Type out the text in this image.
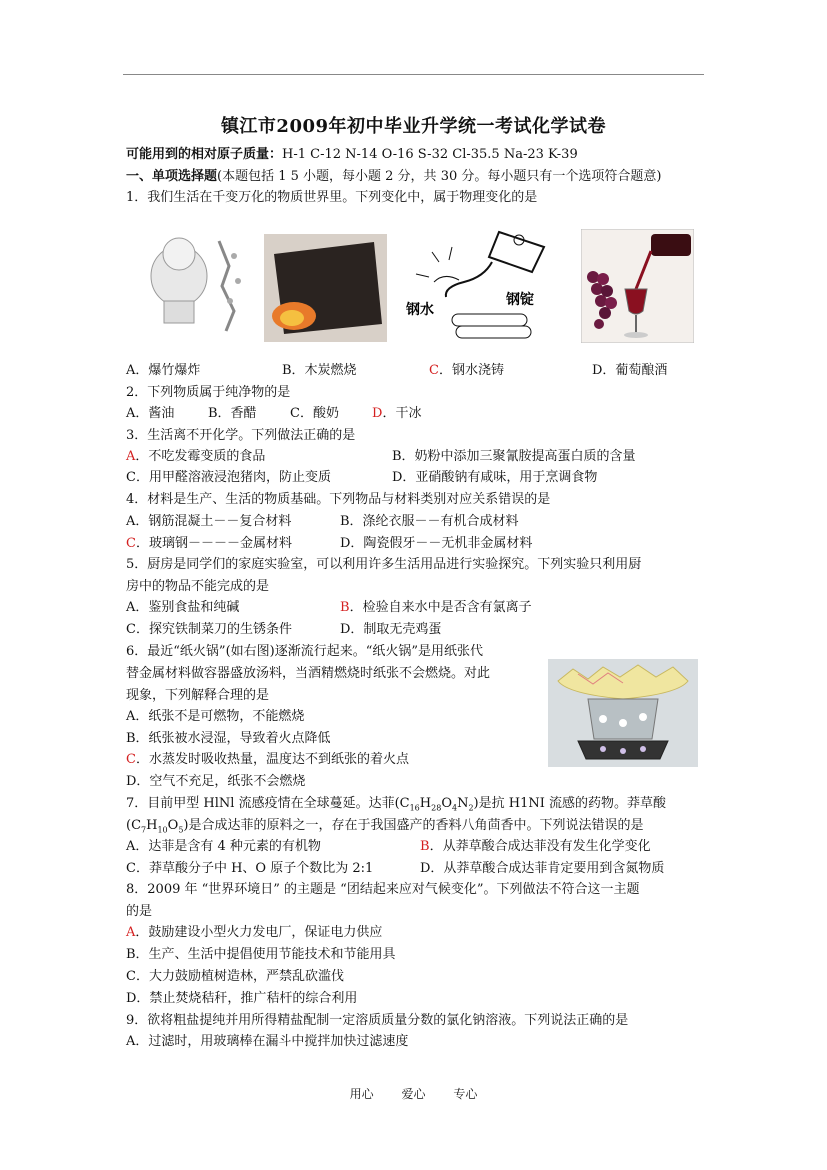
镇江市2009年初中毕业升学统一考试化学试卷
可能用到的相对原子质量：H-1 C-12 N-14 O-16 S-32 Cl-35.5 Na-23 K-39
一、单项选择题(本题包括 1 5 小题，每小题 2 分，共 30 分。每小题只有一个选项符合题意)
1．我们生活在千变万化的物质世界里。下列变化中，属于物理变化的是
钢水
钢锭
A．爆竹爆炸	B．木炭燃烧	C．钢水浇铸	D．葡萄酿酒
2．下列物质属于纯净物的是
A．酱油	B．香醋	C．酸奶	D．干冰
3．生活离不开化学。下列做法正确的是
A．不吃发霉变质的食品	B．奶粉中添加三聚氰胺提高蛋白质的含量
C．用甲醛溶液浸泡猪肉，防止变质	D．亚硝酸钠有咸味，用于烹调食物
4．材料是生产、生活的物质基础。下列物品与材料类别对应关系错误的是
A．钢筋混凝土－－复合材料	B．涤纶衣服－－有机合成材料
C．玻璃钢－－－－金属材料	D．陶瓷假牙－－无机非金属材料
5．厨房是同学们的家庭实验室，可以利用许多生活用品进行实验探究。下列实验只利用厨
房中的物品不能完成的是
A．鉴别食盐和纯碱	B．检验自来水中是否含有氯离子
C．探究铁制菜刀的生锈条件	D．制取无壳鸡蛋
6．最近“纸火锅”(如右图)逐渐流行起来。“纸火锅”是用纸张代
替金属材料做容器盛放汤料，当酒精燃烧时纸张不会燃烧。对此
现象，下列解释合理的是
A．纸张不是可燃物，不能燃烧
B．纸张被水浸湿，导致着火点降低
C．水蒸发时吸收热量，温度达不到纸张的着火点
D．空气不充足，纸张不会燃烧
7．目前甲型 HlNl 流感疫情在全球蔓延。达菲$(C_{16}H_{28}O_4N_2)$是抗 H1NI 流感的药物。莽草酸
$(C_7H_{10}O_5)$是合成达菲的原料之一，存在于我国盛产的香料八角茴香中。下列说法错误的是
A．达菲是含有 4 种元素的有机物	B．从莽草酸合成达菲没有发生化学变化
C．莽草酸分子中 H、O 原子个数比为 2:1	D．从莽草酸合成达菲肯定要用到含氮物质
8．2009 年 “世界环境日” 的主题是 “团结起来应对气候变化”。下列做法不符合这一主题
的是
A．鼓励建设小型火力发电厂，保证电力供应
B．生产、生活中提倡使用节能技术和节能用具
C．大力鼓励植树造林，严禁乱砍滥伐
D．禁止焚烧秸秆，推广秸杆的综合利用
9．欲将粗盐提纯并用所得精盐配制一定溶质质量分数的氯化钠溶液。下列说法正确的是
A．过滤时，用玻璃棒在漏斗中搅拌加快过滤速度
用心 爱心 专心
